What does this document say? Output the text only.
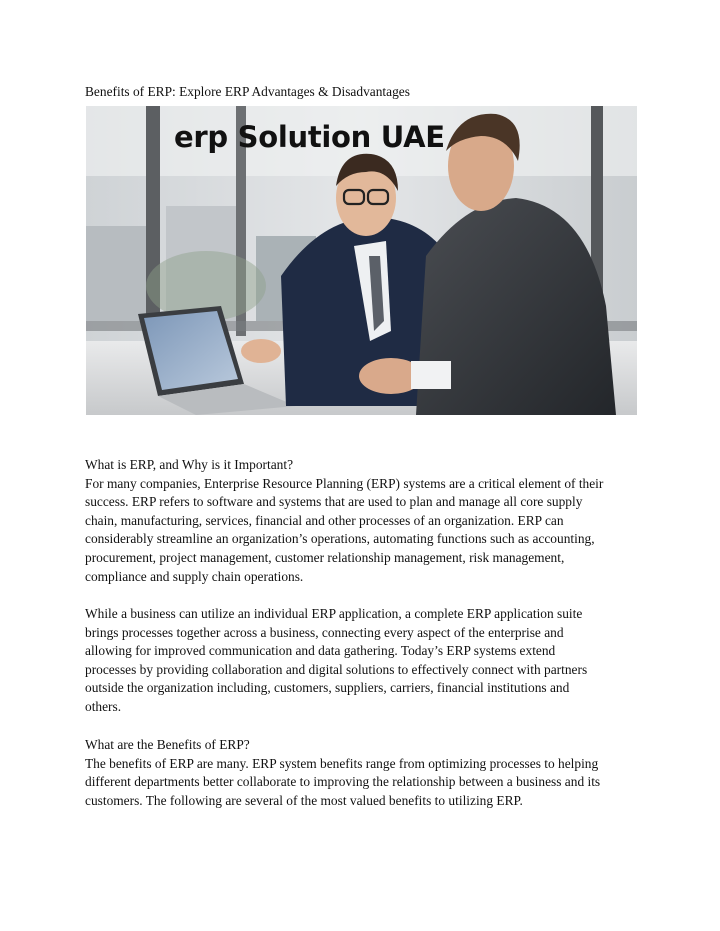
Benefits of ERP: Explore ERP Advantages & Disadvantages
erp Solution UAE

What is ERP, and Why is it Important?
For many companies, Enterprise Resource Planning (ERP) systems are a critical element of their
success. ERP refers to software and systems that are used to plan and manage all core supply
chain, manufacturing, services, financial and other processes of an organization. ERP can
considerably streamline an organization’s operations, automating functions such as accounting,
procurement, project management, customer relationship management, risk management,
compliance and supply chain operations.

While a business can utilize an individual ERP application, a complete ERP application suite
brings processes together across a business, connecting every aspect of the enterprise and
allowing for improved communication and data gathering. Today’s ERP systems extend
processes by providing collaboration and digital solutions to effectively connect with partners
outside the organization including, customers, suppliers, carriers, financial institutions and
others.

What are the Benefits of ERP?
The benefits of ERP are many. ERP system benefits range from optimizing processes to helping
different departments better collaborate to improving the relationship between a business and its
customers. The following are several of the most valued benefits to utilizing ERP.
